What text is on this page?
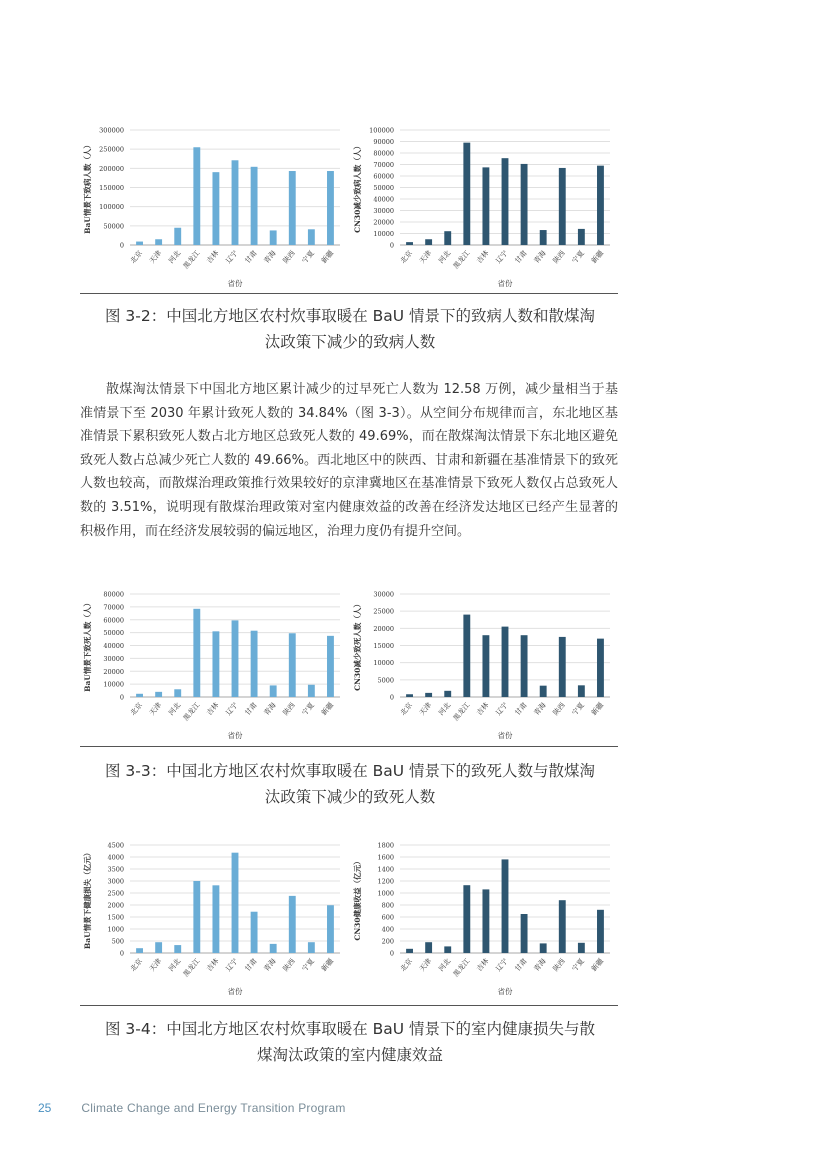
0
50000
100000
150000
200000
250000
300000
北京 天津 河北 黑龙江 吉林 辽宁 甘肃 青海 陕西 宁夏 新疆
省份
BaU情景下致病人数（人）
0
10000
20000
30000
40000
50000
60000
70000
80000
90000
100000
北京 天津 河北 黑龙江 吉林 辽宁 甘肃 青海 陕西 宁夏 新疆
省份
CN30减少致病人数（人）
图 3-2：中国北方地区农村炊事取暖在 BaU 情景下的致病人数和散煤淘
汰政策下减少的致病人数

散煤淘汰情景下中国北方地区累计减少的过早死亡人数为 12.58 万例，减少量相当于基准情景下至 2030 年累计致死人数的 34.84%（图 3-3）。从空间分布规律而言，东北地区基准情景下累积致死人数占北方地区总致死人数的 49.69%，而在散煤淘汰情景下东北地区避免致死人数占总减少死亡人数的 49.66%。西北地区中的陕西、甘肃和新疆在基准情景下的致死人数也较高，而散煤治理政策推行效果较好的京津冀地区在基准情景下致死人数仅占总致死人数的 3.51%，说明现有散煤治理政策对室内健康效益的改善在经济发达地区已经产生显著的积极作用，而在经济发展较弱的偏远地区，治理力度仍有提升空间。

0
10000
20000
30000
40000
50000
60000
70000
80000
北京 天津 河北 黑龙江 吉林 辽宁 甘肃 青海 陕西 宁夏 新疆
省份
BaU情景下致死人数（人）
0
5000
10000
15000
20000
25000
30000
北京 天津 河北 黑龙江 吉林 辽宁 甘肃 青海 陕西 宁夏 新疆
省份
CN30减少致死人数（人）
图 3-3：中国北方地区农村炊事取暖在 BaU 情景下的致死人数与散煤淘
汰政策下减少的致死人数
0
500
1000
1500
2000
2500
3000
3500
4000
4500
北京 天津 河北 黑龙江 吉林 辽宁 甘肃 青海 陕西 宁夏 新疆
省份
BaU情景下健康损失（亿元）
0
200
400
600
800
1000
1200
1400
1600
1800
北京 天津 河北 黑龙江 吉林 辽宁 甘肃 青海 陕西 宁夏 新疆
省份
CN30健康收益（亿元）
图 3-4：中国北方地区农村炊事取暖在 BaU 情景下的室内健康损失与散
煤淘汰政策的室内健康效益
25 Climate Change and Energy Transition Program
